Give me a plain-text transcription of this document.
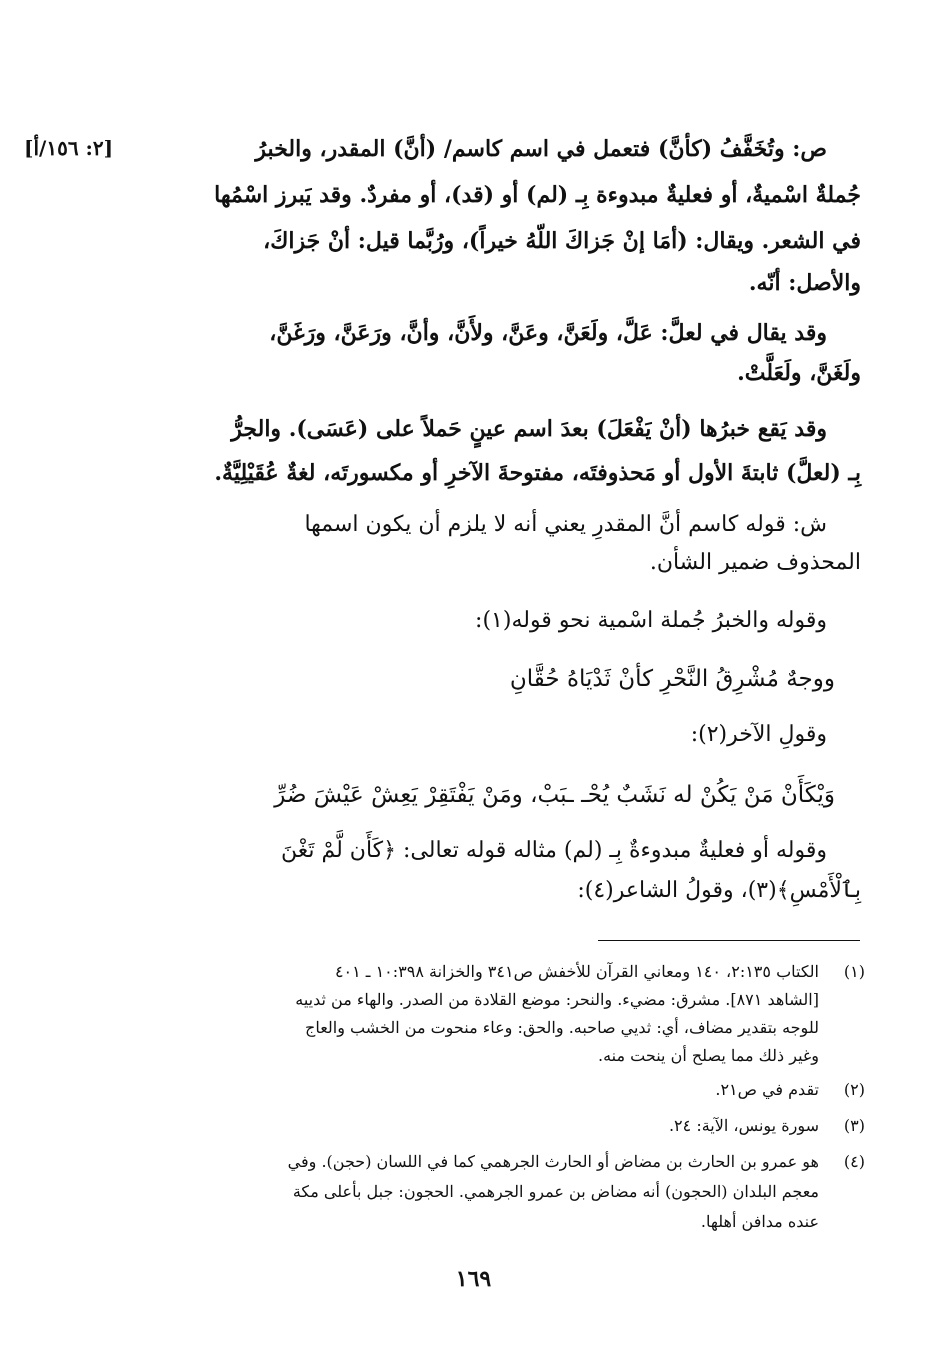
[٢: ١٥٦/أ]	ص: وتُخَفَّفُ (كأنَّ) فتعمل في اسم كاسم/ (أنَّ) المقدر، والخبرُ
جُملةٌ اسْميةٌ، أو فعليةٌ مبدوءة بِـ (لم) أو (قد)، أو مفردٌ. وقد يَبرز اسْمُها
في الشعر. ويقال: (أمَا إنْ جَزاكَ اللّهُ خيراً)، ورُبَّما قيل: أنْ جَزاكَ،
والأصل: أنّه.
وقد يقال في لعلَّ: عَلَّ، ولَعَنَّ، وعَنَّ، ولأَنَّ، وأنَّ، ورَعَنَّ، ورَغَنَّ،
ولَغَنَّ، ولَعَلَّتْ.
وقد يَقع خبرُها (أنْ يَفْعَلَ) بعدَ اسم عينٍ حَملاً على (عَسَى). والجرُّ
بِـ (لعلَّ) ثابتةَ الأول أو مَحذوفتَه، مفتوحةَ الآخرِ أو مكسورتَه، لغةٌ عُقَيْلِيَّةٌ.
ش: قوله كاسم أنَّ المقدرِ يعني أنه لا يلزم أن يكون اسمها
المحذوف ضمير الشأن.
وقوله والخبرُ جُملة اسْمية نحو قوله(١):
ووجهٌ مُشْرِقُ النَّحْرِ كأنْ ثَدْيَاهُ حُقَّانِ
وقولِ الآخر(٢):
وَيْكَأَنْ مَنْ يَكُنْ له نَشَبٌ يُحْـ ـبَبْ، ومَنْ يَفْتَقِرْ يَعِشْ عَيْشَ ضُرِّ
وقوله أو فعليةٌ مبدوءةٌ بِـ (لم) مثاله قوله تعالى: ﴿كَأَن لَّمْ تَغْنَ
بِٱلْأَمْسِ﴾(٣)، وقولُ الشاعر(٤):
(١)
الكتاب ٢:١٣٥، ١٤٠ ومعاني القرآن للأخفش ص٣٤١ والخزانة ١٠:٣٩٨ ـ ٤٠١
[الشاهد ٨٧١]. مشرق: مضيء. والنحر: موضع القلادة من الصدر. والهاء من ثدييه
للوجه بتقدير مضاف، أي: ثديي صاحبه. والحق: وعاء منحوت من الخشب والعاج
وغير ذلك مما يصلح أن ينحت منه.
(٢)
تقدم في ص٢١.
(٣)
سورة يونس، الآية: ٢٤.
(٤)
هو عمرو بن الحارث بن مضاض أو الحارث الجرهمي كما في اللسان (حجن). وفي
معجم البلدان (الحجون) أنه مضاض بن عمرو الجرهمي. الحجون: جبل بأعلى مكة
عنده مدافن أهلها.
١٦٩
